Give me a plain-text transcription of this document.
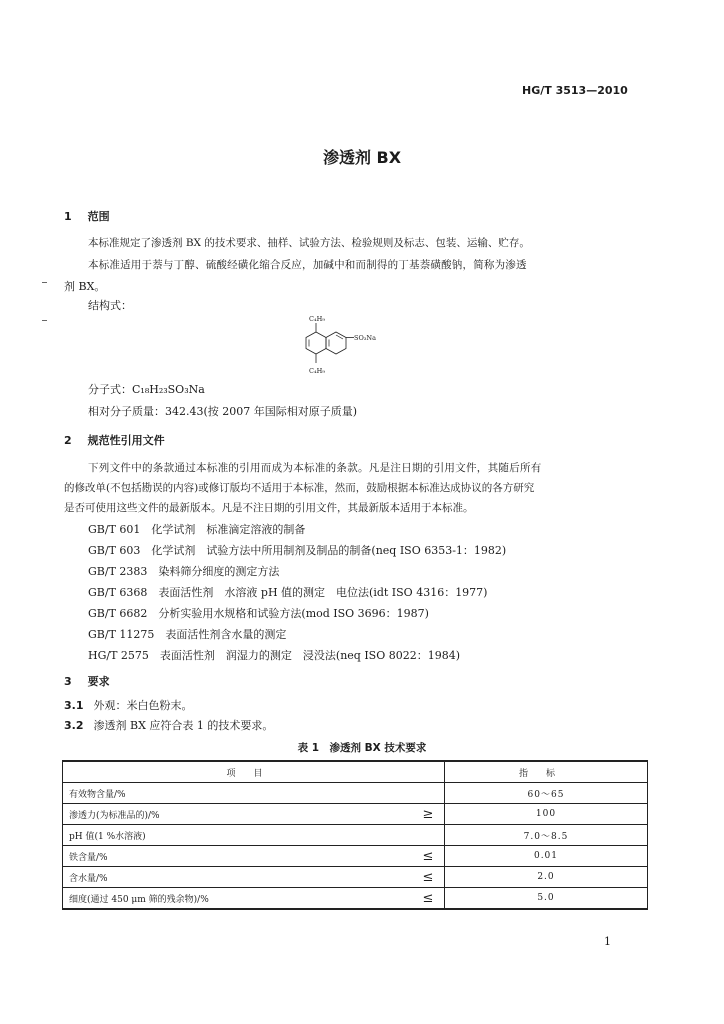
HG/T 3513—2010
渗透剂 BX
1 范围
本标准规定了渗透剂 BX 的技术要求、抽样、试验方法、检验规则及标志、包装、运输、贮存。
本标准适用于萘与丁醇、硫酸经磺化缩合反应，加碱中和而制得的丁基萘磺酸钠，简称为渗透
剂 BX。
结构式：
C₄H₉
SO₃Na
C₄H₉
分子式：C₁₈H₂₃SO₃Na
相对分子质量：342.43(按 2007 年国际相对原子质量)
2 规范性引用文件
下列文件中的条款通过本标准的引用而成为本标准的条款。凡是注日期的引用文件，其随后所有
的修改单(不包括勘误的内容)或修订版均不适用于本标准，然而，鼓励根据本标准达成协议的各方研究
是否可使用这些文件的最新版本。凡是不注日期的引用文件，其最新版本适用于本标准。
GB/T 601　化学试剂　标准滴定溶液的制备
GB/T 603　化学试剂　试验方法中所用制剂及制品的制备(neq ISO 6353-1：1982)
GB/T 2383　染料筛分细度的测定方法
GB/T 6368　表面活性剂　水溶液 pH 值的测定　电位法(idt ISO 4316：1977)
GB/T 6682　分析实验用水规格和试验方法(mod ISO 3696：1987)
GB/T 11275　表面活性剂含水量的测定
HG/T 2575　表面活性剂　润湿力的测定　浸没法(neq ISO 8022：1984)
3 要求
3.1 外观：米白色粉末。
3.2 渗透剂 BX 应符合表 1 的技术要求。
表 1　渗透剂 BX 技术要求
项目		指标
有效物含量/%		60～65
渗透力(为标准品的)/%	≥	100
pH 值(1 %水溶液)		7.0～8.5
铁含量/%	≤	0.01
含水量/%	≤	2.0
细度(通过 450 μm 筛的残余物)/%	≤	5.0
1
